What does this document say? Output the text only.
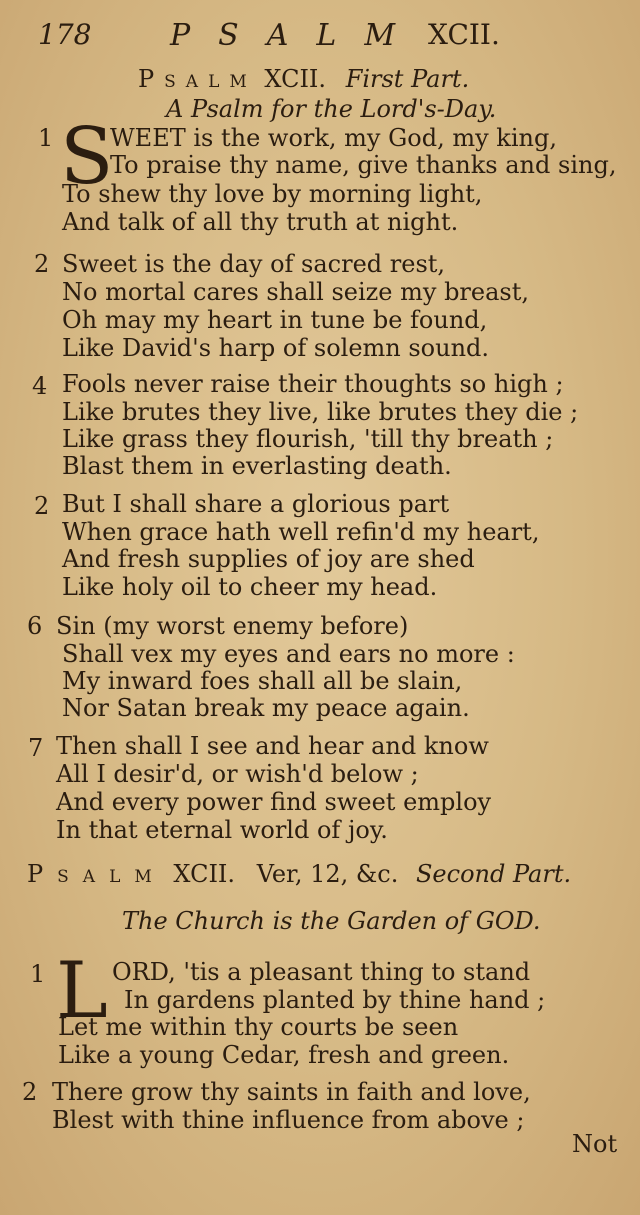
178	PSALM XCII.
Psalm XCII. First Part.
A Psalm for the Lord's-Day.
1 S
WEET is the work, my God, my king,
To praise thy name, give thanks and sing,
To shew thy love by morning light,
And talk of all thy truth at night.
2 Sweet is the day of sacred rest,
No mortal cares shall seize my breast,
Oh may my heart in tune be found,
Like David's harp of solemn sound.
4 Fools never raise their thoughts so high ;
Like brutes they live, like brutes they die ;
Like grass they flourish, 'till thy breath ;
Blast them in everlasting death.
2 But I shall share a glorious part
When grace hath well refin'd my heart,
And fresh supplies of joy are shed
Like holy oil to cheer my head.
6 Sin (my worst enemy before)
Shall vex my eyes and ears no more :
My inward foes shall all be slain,
Nor Satan break my peace again.
7 Then shall I see and hear and know
All I desir'd, or wish'd below ;
And every power find sweet employ
In that eternal world of joy.
Psalm XCII. Ver, 12, &c. Second Part.
The Church is the Garden of GOD.
1 L ORD, 'tis a pleasant thing to stand
In gardens planted by thine hand ;
Let me within thy courts be seen
Like a young Cedar, fresh and green.
2 There grow thy saints in faith and love,
Blest with thine influence from above ;
Not
